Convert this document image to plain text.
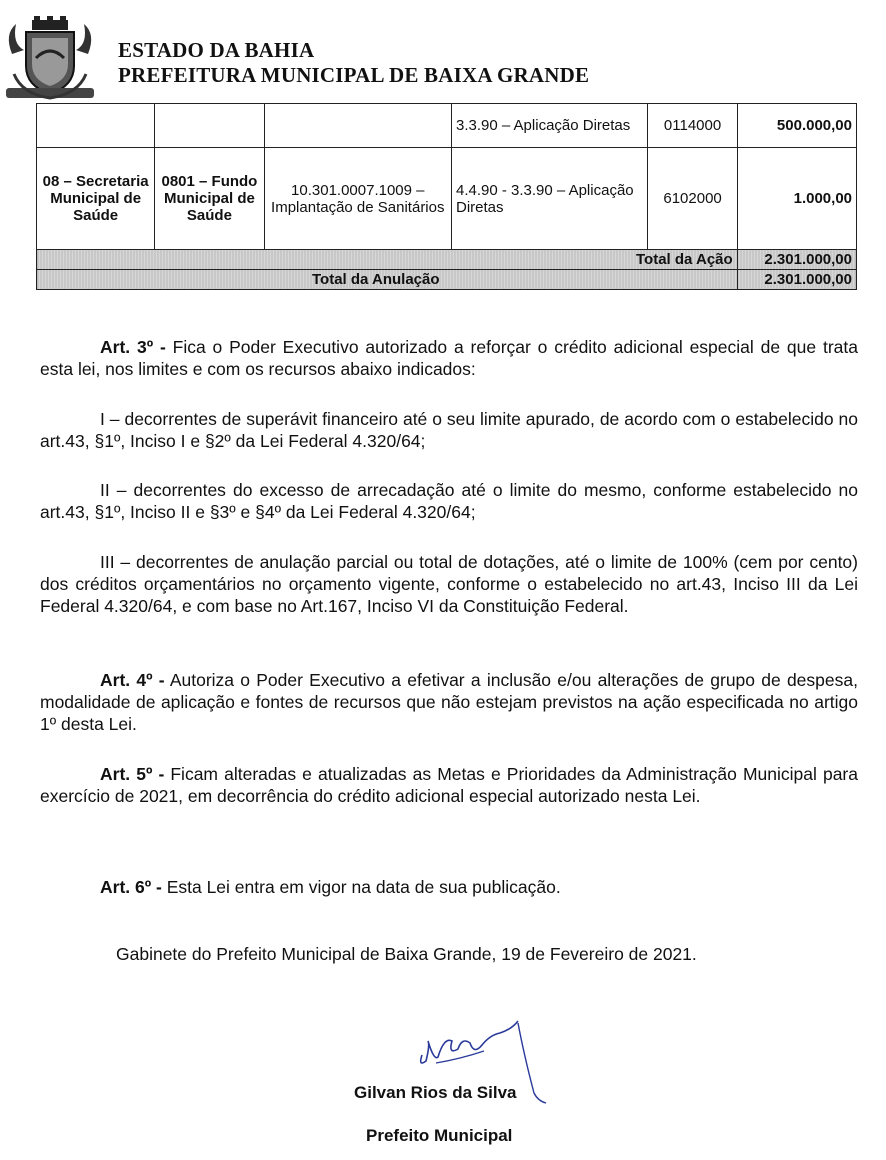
ESTADO DA BAHIA
PREFEITURA MUNICIPAL DE BAIXA GRANDE
			3.3.90 – Aplicação Diretas	0114000	500.000,00
08 – Secretaria Municipal de Saúde	0801 – Fundo Municipal de Saúde	10.301.0007.1009 – Implantação de Sanitários	4.4.90 - 3.3.90 – Aplicação Diretas	6102000	1.000,00
Total da Ação					2.301.000,00
Total da Anulação					2.301.000,00

Art. 3º - Fica o Poder Executivo autorizado a reforçar o crédito adicional especial de que trata esta lei, nos limites e com os recursos abaixo indicados:

I – decorrentes de superávit financeiro até o seu limite apurado, de acordo com o estabelecido no art.43, §1º, Inciso I e §2º da Lei Federal 4.320/64;

II – decorrentes do excesso de arrecadação até o limite do mesmo, conforme estabelecido no art.43, §1º, Inciso II e §3º e §4º da Lei Federal 4.320/64;

III – decorrentes de anulação parcial ou total de dotações, até o limite de 100% (cem por cento) dos créditos orçamentários no orçamento vigente, conforme o estabelecido no art.43, Inciso III da Lei Federal 4.320/64, e com base no Art.167, Inciso VI da Constituição Federal.

Art. 4º - Autoriza o Poder Executivo a efetivar a inclusão e/ou alterações de grupo de despesa, modalidade de aplicação e fontes de recursos que não estejam previstos na ação especificada no artigo 1º desta Lei.

Art. 5º - Ficam alteradas e atualizadas as Metas e Prioridades da Administração Municipal para exercício de 2021, em decorrência do crédito adicional especial autorizado nesta Lei.

Art. 6º - Esta Lei entra em vigor na data de sua publicação.

Gabinete do Prefeito Municipal de Baixa Grande, 19 de Fevereiro de 2021.

Gilvan Rios da Silva
Prefeito Municipal
